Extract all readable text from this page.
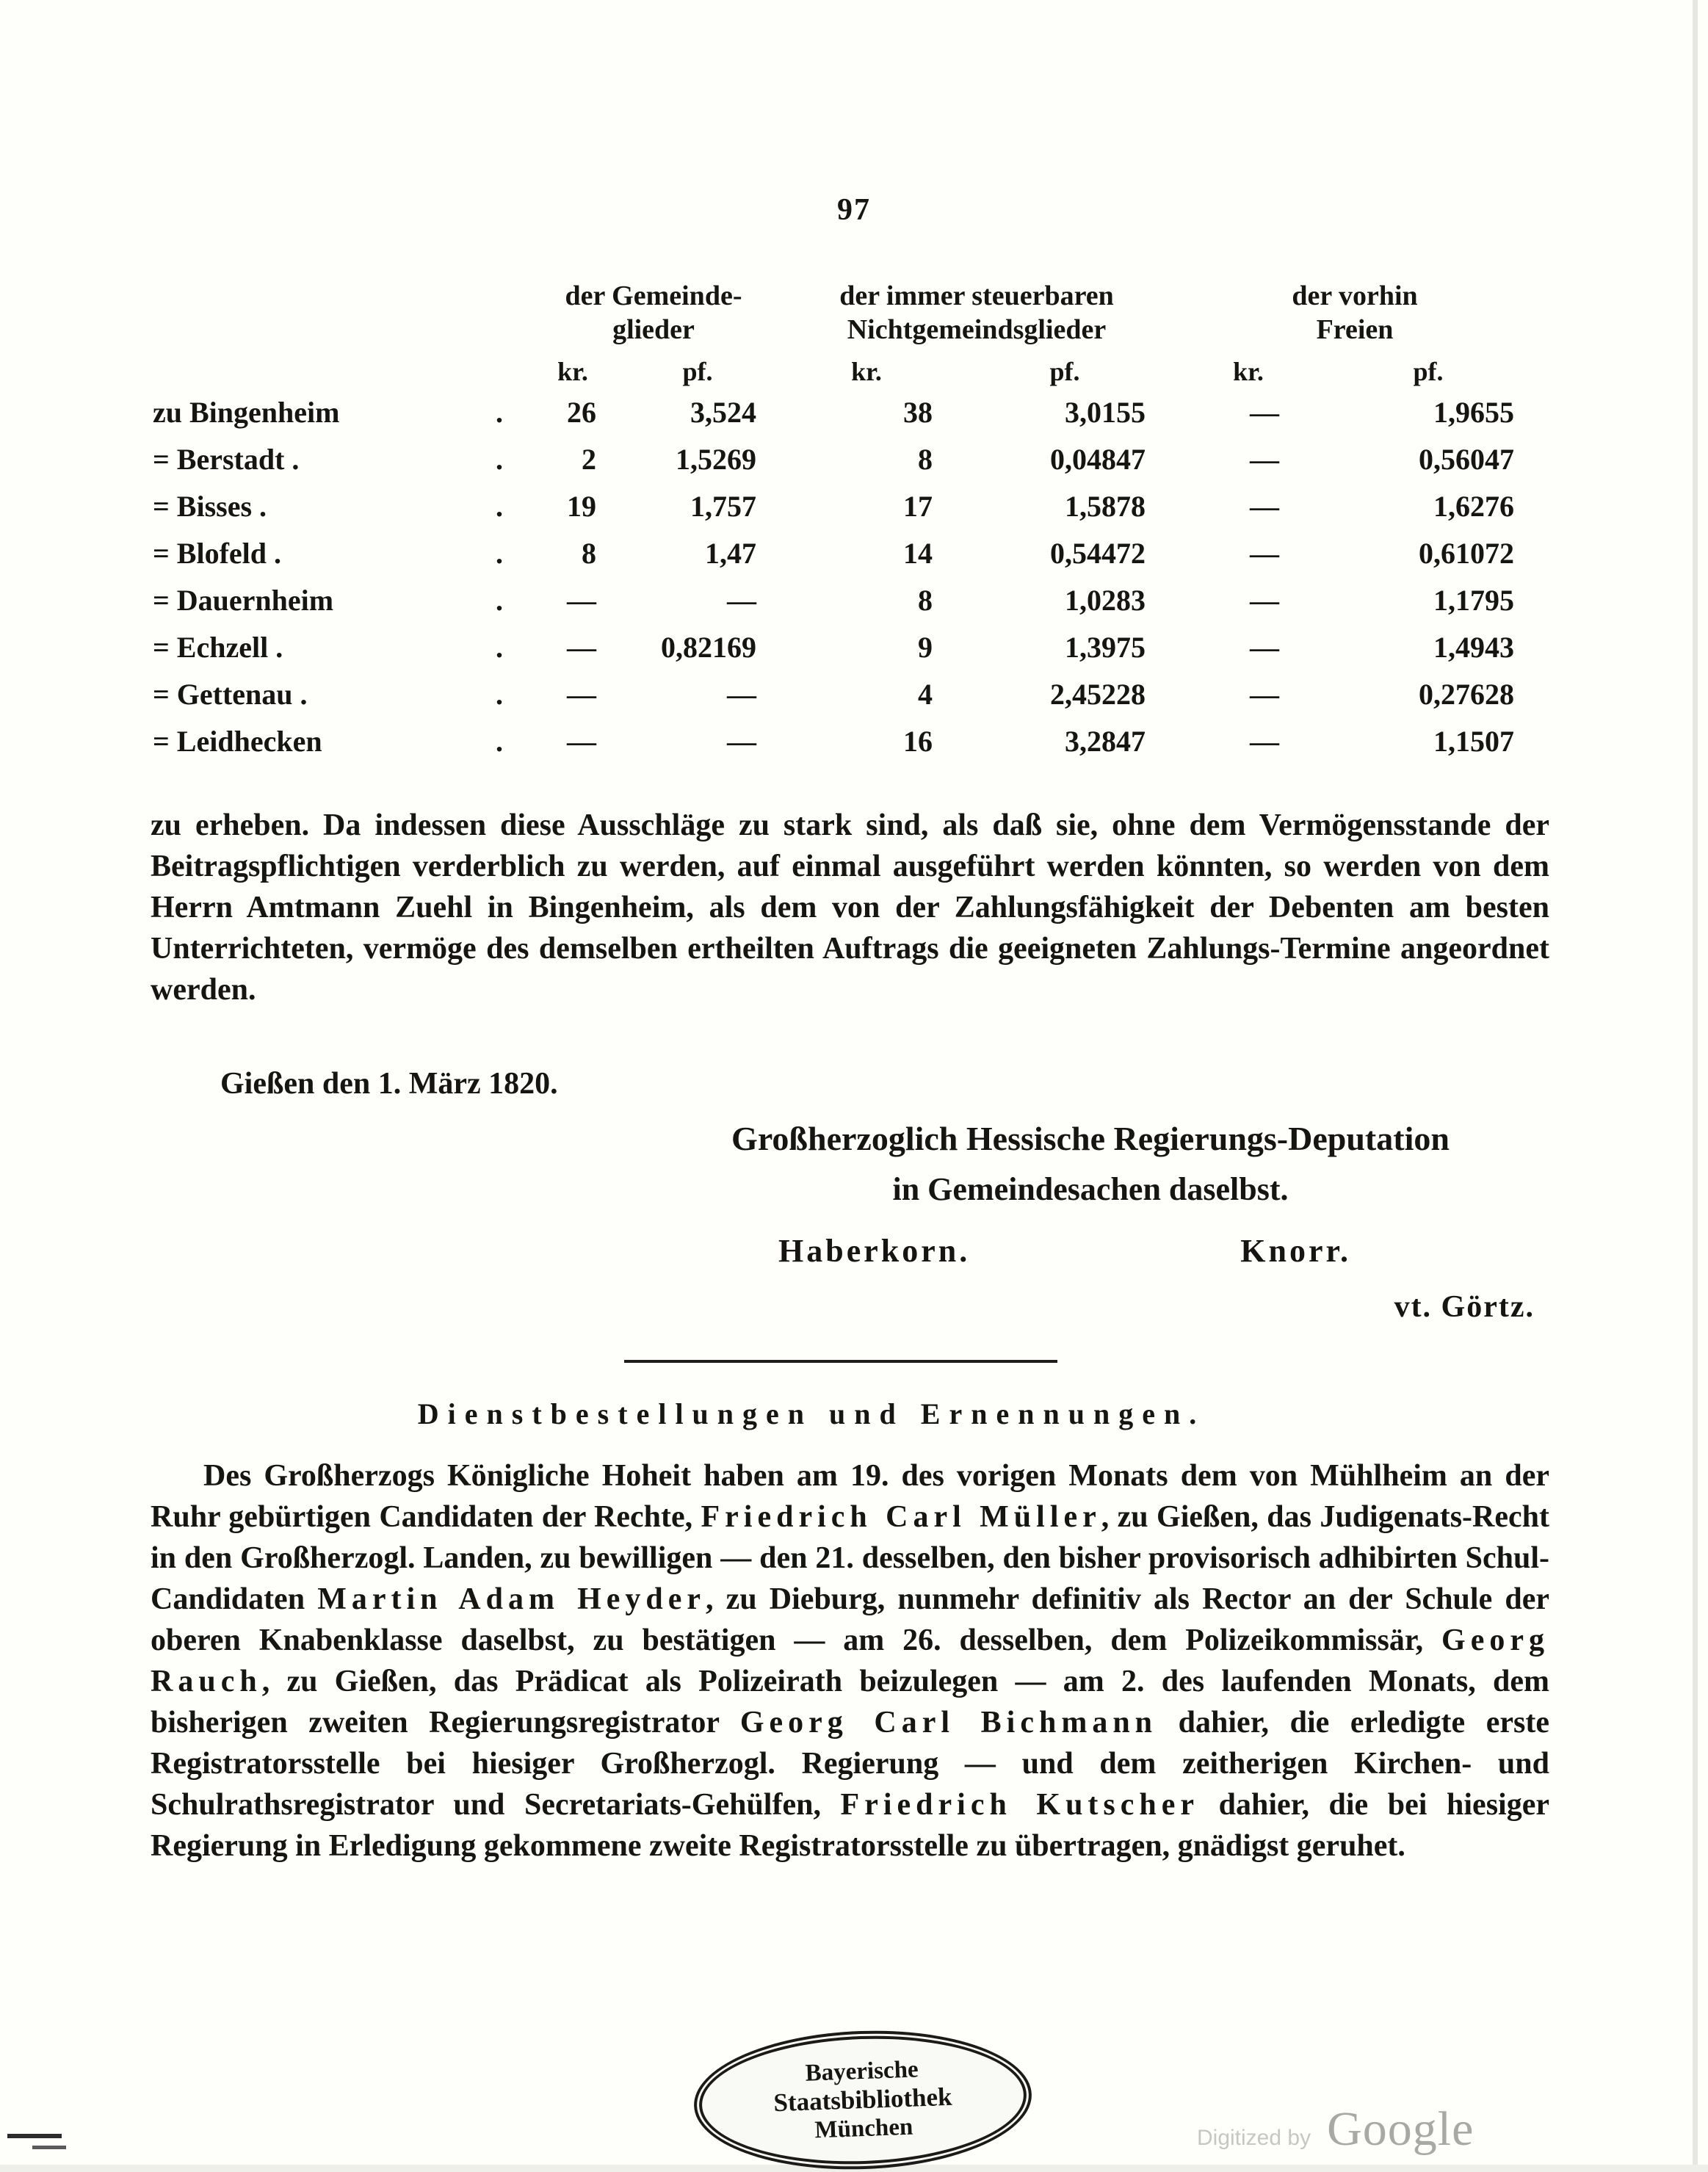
97
der Gemeinde-
glieder
der immer steuerbaren
Nichtgemeindsglieder
der vorhin
Freien
kr.	pf.	kr.	pf.	kr.	pf.
zu Bingenheim	.	26	3,524	38	3,0155	—	1,9655
= Berstadt .	.	2	1,5269	8	0,04847	—	0,56047
= Bisses .	.	19	1,757	17	1,5878	—	1,6276
= Blofeld .	.	8	1,47	14	0,54472	—	0,61072
= Dauernheim	.	—	—	8	1,0283	—	1,1795
= Echzell .	.	—	0,82169	9	1,3975	—	1,4943
= Gettenau .	.	—	—	4	2,45228	—	0,27628
= Leidhecken	.	—	—	16	3,2847	—	1,1507
zu erheben. Da indessen diese Ausschläge zu stark sind, als daß sie, ohne dem Vermögensstande der Beitragspflichtigen verderblich zu werden, auf einmal ausgeführt werden könnten, so werden von dem Herrn Amtmann Zuehl in Bingenheim, als dem von der Zahlungsfähigkeit der Debenten am besten Unterrichteten, vermöge des demselben ertheilten Auftrags die geeigneten Zahlungs-Termine angeordnet werden.
Gießen den 1. März 1820.
Großherzoglich Hessische Regierungs-Deputation
in Gemeindesachen daselbst.
Haberkorn.	Knorr.
vt. Görtz.
Dienstbestellungen und Ernennungen.
Des Großherzogs Königliche Hoheit haben am 19. des vorigen Monats dem von Mühlheim an der Ruhr gebürtigen Candidaten der Rechte, Friedrich Carl Müller, zu Gießen, das Judigenats-Recht in den Großherzogl. Landen, zu bewilligen — den 21. desselben, den bisher provisorisch adhibirten Schul-Candidaten Martin Adam Heyder, zu Dieburg, nunmehr definitiv als Rector an der Schule der oberen Knabenklasse daselbst, zu bestätigen — am 26. desselben, dem Polizeikommissär, Georg Rauch, zu Gießen, das Prädicat als Polizeirath beizulegen — am 2. des laufenden Monats, dem bisherigen zweiten Regierungsregistrator Georg Carl Bichmann dahier, die erledigte erste Registratorsstelle bei hiesiger Großherzogl. Regierung — und dem zeitherigen Kirchen- und Schulrathsregistrator und Secretariats-Gehülfen, Friedrich Kutscher dahier, die bei hiesiger Regierung in Erledigung gekommene zweite Registratorsstelle zu übertragen, gnädigst geruhet.
Bayerische
Staatsbibliothek
München	Digitized by Google
